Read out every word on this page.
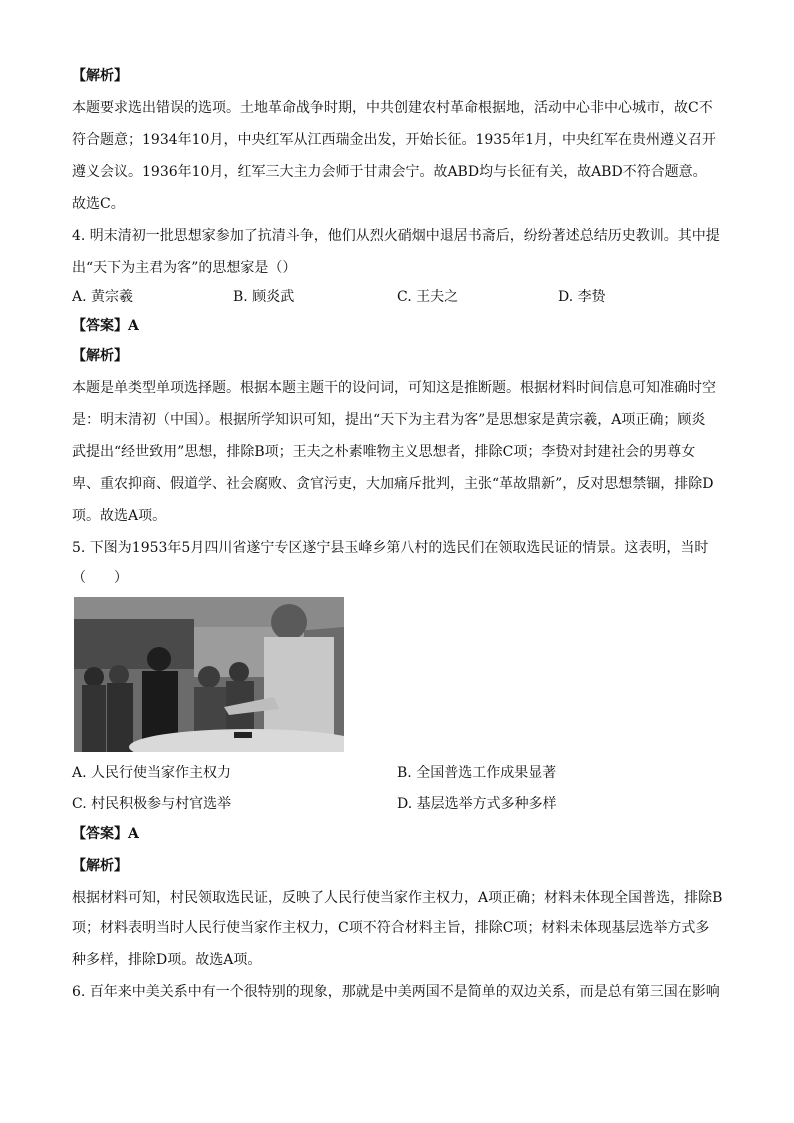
【解析】
本题要求选出错误的选项。土地革命战争时期，中共创建农村革命根据地，活动中心非中心城市，故C不
符合题意；1934年10月，中央红军从江西瑞金出发，开始长征。1935年1月，中央红军在贵州遵义召开
遵义会议。1936年10月，红军三大主力会师于甘肃会宁。故ABD均与长征有关，故ABD不符合题意。
故选C。
4. 明末清初一批思想家参加了抗清斗争，他们从烈火硝烟中退居书斋后，纷纷著述总结历史教训。其中提
出“天下为主君为客”的思想家是（）
A. 黄宗羲	B. 顾炎武	C. 王夫之	D. 李贽
【答案】A
【解析】
本题是单类型单项选择题。根据本题主题干的设问词，可知这是推断题。根据材料时间信息可知准确时空
是：明末清初（中国）。根据所学知识可知，提出“天下为主君为客”是思想家是黄宗羲，A项正确；顾炎
武提出“经世致用”思想，排除B项；王夫之朴素唯物主义思想者，排除C项；李贽对封建社会的男尊女
卑、重农抑商、假道学、社会腐败、贪官污吏，大加痛斥批判，主张“革故鼎新”，反对思想禁锢，排除D
项。故选A项。
5. 下图为1953年5月四川省遂宁专区遂宁县玉峰乡第八村的选民们在领取选民证的情景。这表明，当时
（　　）
A. 人民行使当家作主权力	B. 全国普选工作成果显著
C. 村民积极参与村官选举	D. 基层选举方式多种多样
【答案】A
【解析】
根据材料可知，村民领取选民证，反映了人民行使当家作主权力，A项正确；材料未体现全国普选，排除B
项；材料表明当时人民行使当家作主权力，C项不符合材料主旨，排除C项；材料未体现基层选举方式多
种多样，排除D项。故选A项。
6. 百年来中美关系中有一个很特别的现象，那就是中美两国不是简单的双边关系，而是总有第三国在影响
